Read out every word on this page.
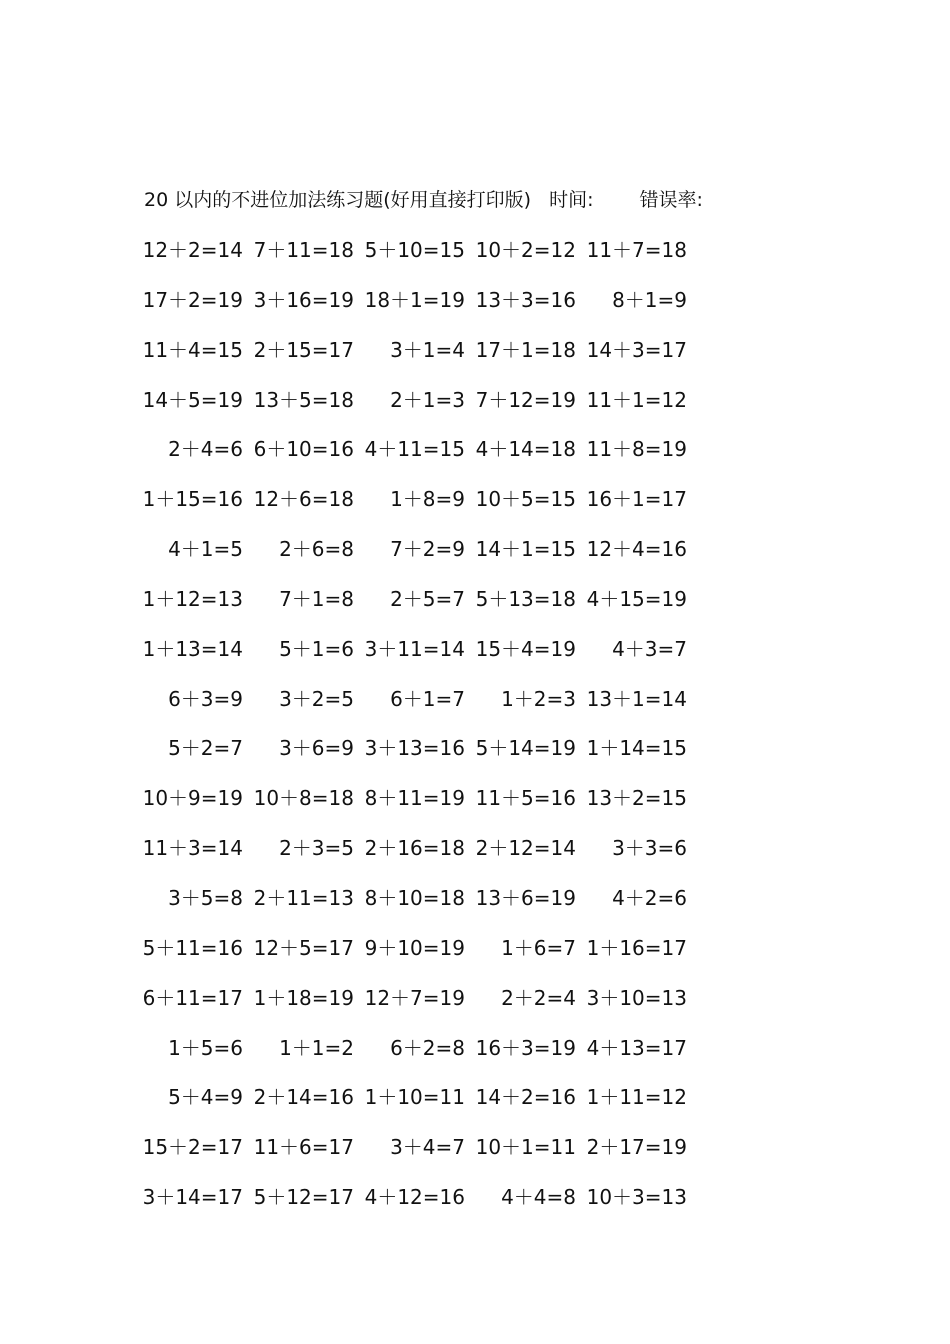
20 以内的不进位加法练习题(好用直接打印版) 时间: 错误率:
12＋2=14 7＋11=18 5＋10=15 10＋2=12 11＋7=18
17＋2=19 3＋16=19 18＋1=19 13＋3=16	8＋1=9
11＋4=15 2＋15=17	3＋1=4 17＋1=18 14＋3=17
14＋5=19 13＋5=18	2＋1=3 7＋12=19 11＋1=12
2＋4=6 6＋10=16 4＋11=15 4＋14=18 11＋8=19
1＋15=16 12＋6=18	1＋8=9 10＋5=15 16＋1=17
4＋1=5	2＋6=8	7＋2=9 14＋1=15 12＋4=16
1＋12=13	7＋1=8	2＋5=7 5＋13=18 4＋15=19
1＋13=14	5＋1=6 3＋11=14 15＋4=19	4＋3=7
6＋3=9	3＋2=5	6＋1=7	1＋2=3 13＋1=14
5＋2=7	3＋6=9 3＋13=16 5＋14=19 1＋14=15
10＋9=19 10＋8=18 8＋11=19 11＋5=16 13＋2=15
11＋3=14	2＋3=5 2＋16=18 2＋12=14	3＋3=6
3＋5=8 2＋11=13 8＋10=18 13＋6=19	4＋2=6
5＋11=16 12＋5=17 9＋10=19	1＋6=7 1＋16=17
6＋11=17 1＋18=19 12＋7=19	2＋2=4 3＋10=13
1＋5=6	1＋1=2	6＋2=8 16＋3=19 4＋13=17
5＋4=9 2＋14=16 1＋10=11 14＋2=16 1＋11=12
15＋2=17 11＋6=17	3＋4=7 10＋1=11 2＋17=19
3＋14=17 5＋12=17 4＋12=16	4＋4=8 10＋3=13
